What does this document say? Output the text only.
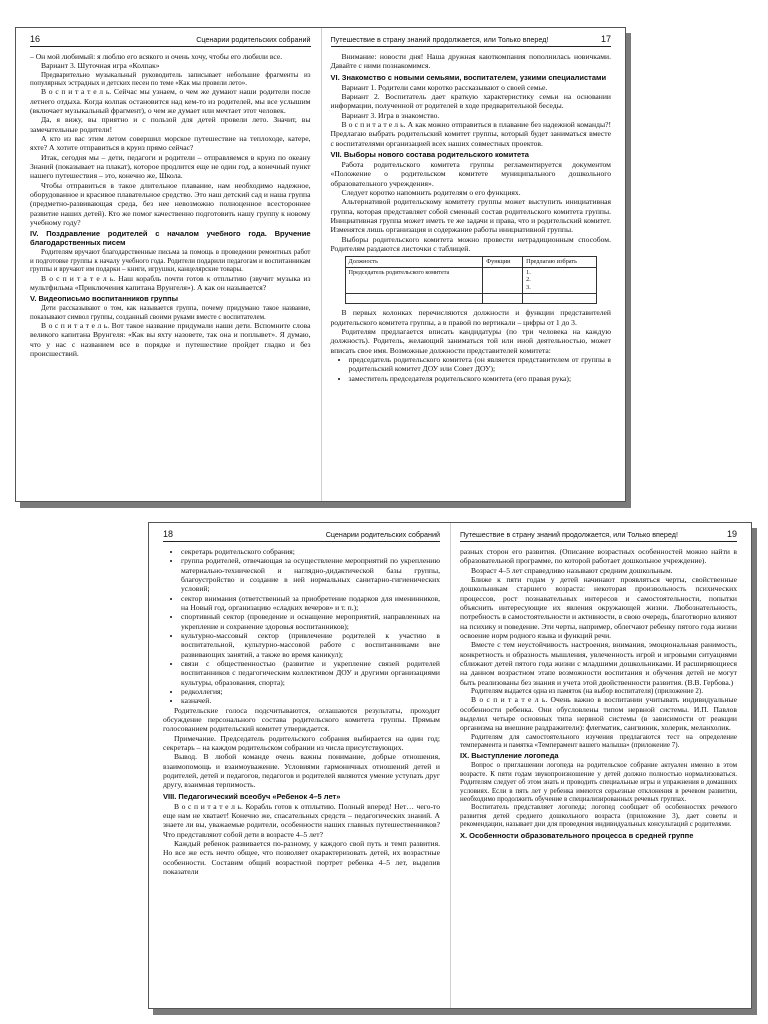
16	Сценарии родительских собраний

– Он мой любимый: я люблю его всякого и очень хочу, чтобы его любили все.

Вариант 3. Шуточная игра «Колпак»

Предварительно музыкальный руководитель записывает небольшие фрагменты из популярных эстрадных и детских песен по теме «Как мы провели лето».

В о с п и т а т е л ь. Сейчас мы узнаем, о чем же думают наши родители после летнего отдыха. Когда колпак остановится над кем-то из родителей, мы все услышим (включает музыкальный фрагмент), о чем же думает или мечтает этот человек.

Да, я вижу, вы приятно и с пользой для детей провели лето. Значит, вы замечательные родители!

А кто из вас этим летом совершил морское путешествие на теплоходе, катере, яхте? А хотите отправиться в круиз прямо сейчас?

Итак, сегодня мы – дети, педагоги и родители – отправляемся в круиз по океану Знаний (показывает на плакат), которое продлится еще не один год, а конечный пункт нашего путешествия – это, конечно же, Школа.

Чтобы отправиться в такое длительное плавание, нам необходимо надежное, оборудованное и красивое плавательное средство. Это наш детский сад и наша группа (предметно-развивающая среда, без нее невозможно полноценное всестороннее развитие наших детей). Кто же помог качественно подготовить нашу группу к новому учебному году?

IV. Поздравление родителей с началом учебного года. Вручение благодарственных писем

Родителям вручают благодарственные письма за помощь в проведении ремонтных работ и подготовке группы к началу учебного года. Родители подарили педагогам и воспитанникам группы и вручают им подарки – книги, игрушки, канцелярские товары.

В о с п и т а т е л ь. Наш корабль почти готов к отплытию (звучит музыка из мультфильма «Приключения капитана Врунгеля»). А как он называется?

V. Видеописьмо воспитанников группы

Дети рассказывают о том, как называется группа, почему придумано такое название, показывают символ группы, созданный своими руками вместе с воспитателем.

В о с п и т а т е л ь. Вот такое название придумали наши дети. Вспомните слова великого капитана Врунгеля: «Как вы яхту назовете, так она и поплывет». Я думаю, что у нас с названием все в порядке и путешествие пройдет гладко и без происшествий.

Путешествие в страну знаний продолжается, или Только вперед!	17

Внимание: новости дня! Наша дружная каюткомпания пополнилась новичками. Давайте с ними познакомимся.

VI. Знакомство с новыми семьями, воспитателем, узкими специалистами

Вариант 1. Родители сами коротко рассказывают о своей семье.

Вариант 2. Воспитатель дает краткую характеристику семьи на основании информации, полученной от родителей в ходе предварительной беседы.

Вариант 3. Игра в знакомство.

В о с п и т а т е л ь. А как можно отправиться в плавание без надежной команды?! Предлагаю выбрать родительский комитет группы, который будет заниматься вместе с воспитателями организацией всех наших совместных проектов.

VII. Выборы нового состава родительского комитета

Работа родительского комитета группы регламентируется документом «Положение о родительском комитете муниципального дошкольного образовательного учреждения».

Следует коротко напомнить родителям о его функциях.

Альтернативой родительскому комитету группы может выступить инициативная группа, которая представляет собой сменный состав родительского комитета группы. Инициативная группа может иметь те же задачи и права, что и родительский комитет. Изменятся лишь организация и содержание работы инициативной группы.

Выборы родительского комитета можно провести нетрадиционным способом. Родителям раздаются листочки с таблицей.

Должность	Функции	Предлагаю избрать
Председатель родительского комитета		1.
2.
3.

В первых колонках перечисляются должности и функции представителей родительского комитета группы, а в правой по вертикали – цифры от 1 до 3.

Родителям предлагается вписать кандидатуры (по три человека на каждую должность). Родитель, желающий заниматься той или иной деятельностью, может вписать свое имя. Возможные должности представителей комитета:

• председатель родительского комитета (он является представителем от группы в родительский комитет ДОУ или Совет ДОУ);
• заместитель председателя родительского комитета (его правая рука);
18	Сценарии родительских собраний
• секретарь родительского собрания;
• группа родителей, отвечающая за осуществление мероприятий по укреплению материально-технической и наглядно-дидактической базы группы, благоустройство и создание в ней нормальных санитарно-гигиенических условий;
• сектор внимания (ответственный за приобретение подарков для именинников, на Новый год, организацию «сладких вечеров» и т. п.);
• спортивный сектор (проведение и оснащение мероприятий, направленных на укрепление и сохранение здоровья воспитанников);
• культурно-массовый сектор (привлечение родителей к участию в воспитательной, культурно-массовой работе с воспитанниками вне развивающих занятий, а также во время каникул);
• связи с общественностью (развитие и укрепление связей родителей воспитанников с педагогическим коллективом ДОУ и другими организациями культуры, образования, спорта);
• редколлегия;
• казначей.

Родительские голоса подсчитываются, оглашаются результаты, проходит обсуждение персонального состава родительского комитета группы. Прямым голосованием родительский комитет утверждается.

Примечание. Председатель родительского собрания выбирается на один год; секретарь – на каждом родительском собрании из числа присутствующих.

Вывод. В любой команде очень важны понимание, добрые отношения, взаимопомощь и взаимоуважение. Условиями гармоничных отношений детей и родителей, детей и педагогов, педагогов и родителей являются умение уступать друг другу, взаимная терпимость.

VIII. Педагогический всеобуч «Ребенок 4–5 лет»

В о с п и т а т е л ь. Корабль готов к отплытию. Полный вперед! Нет… чего-то еще нам не хватает! Конечно же, спасательных средств – педагогических знаний. А знаете ли вы, уважаемые родители, особенности наших главных путешественников? Что представляют собой дети в возрасте 4–5 лет?

Каждый ребенок развивается по-разному, у каждого свой путь и темп развития. Но все же есть нечто общее, что позволяет охарактеризовать детей, их возрастные особенности. Составим общий возрастной портрет ребенка 4–5 лет, выделив показатели

Путешествие в страну знаний продолжается, или Только вперед!	19

разных сторон его развития. (Описание возрастных особенностей можно найти в образовательной программе, по которой работает дошкольное учреждение).

Возраст 4–5 лет справедливо называют средним дошкольным.

Ближе к пяти годам у детей начинают проявляться черты, свойственные дошкольникам старшего возраста: некоторая произвольность психических процессов, рост познавательных интересов и самостоятельности, попытки объяснить интересующие их явления окружающей жизни. Любознательность, потребность в самостоятельности и активности, в свою очередь, благотворно влияют на психику и поведение. Эти черты, например, облегчают ребенку пятого года жизни освоение норм родного языка и функций речи.

Вместе с тем неустойчивость настроения, внимания, эмоциональная ранимость, конкретность и образность мышления, увлеченность игрой и игровыми ситуациями сближают детей пятого года жизни с младшими дошкольниками. И расширяющиеся на данном возрастном этапе возможности воспитания и обучения детей не могут быть реализованы без знания и учета этой двойственности развития. (В.В. Гербова.)

Родителям выдается одна из памяток (на выбор воспитателя) (приложение 2).

В о с п и т а т е л ь. Очень важно в воспитании учитывать индивидуальные особенности ребенка. Они обусловлены типом нервной системы. И.П. Павлов выделил четыре основных типа нервной системы (в зависимости от реакции организма на внешние раздражители): флегматик, сангвиник, холерик, меланхолик.

Родителям для самостоятельного изучения предлагаются тест на определение темперамента и памятка «Темперамент вашего малыша» (приложение 7).

IX. Выступление логопеда

Вопрос о приглашении логопеда на родительское собрание актуален именно в этом возрасте. К пяти годам звукопроизношение у детей должно полностью нормализоваться. Родителям следует об этом знать и проводить специальные игры и упражнения в домашних условиях. Если в пять лет у ребенка имеются серьезные отклонения в речевом развитии, необходимо продолжить обучение в специализированных речевых группах.

Воспитатель представляет логопеда; логопед сообщает об особенностях речевого развития детей среднего дошкольного возраста (приложение 3), дает советы и рекомендации, называет дни для проведения индивидуальных консультаций с родителями.

X. Особенности образовательного процесса в средней группе
